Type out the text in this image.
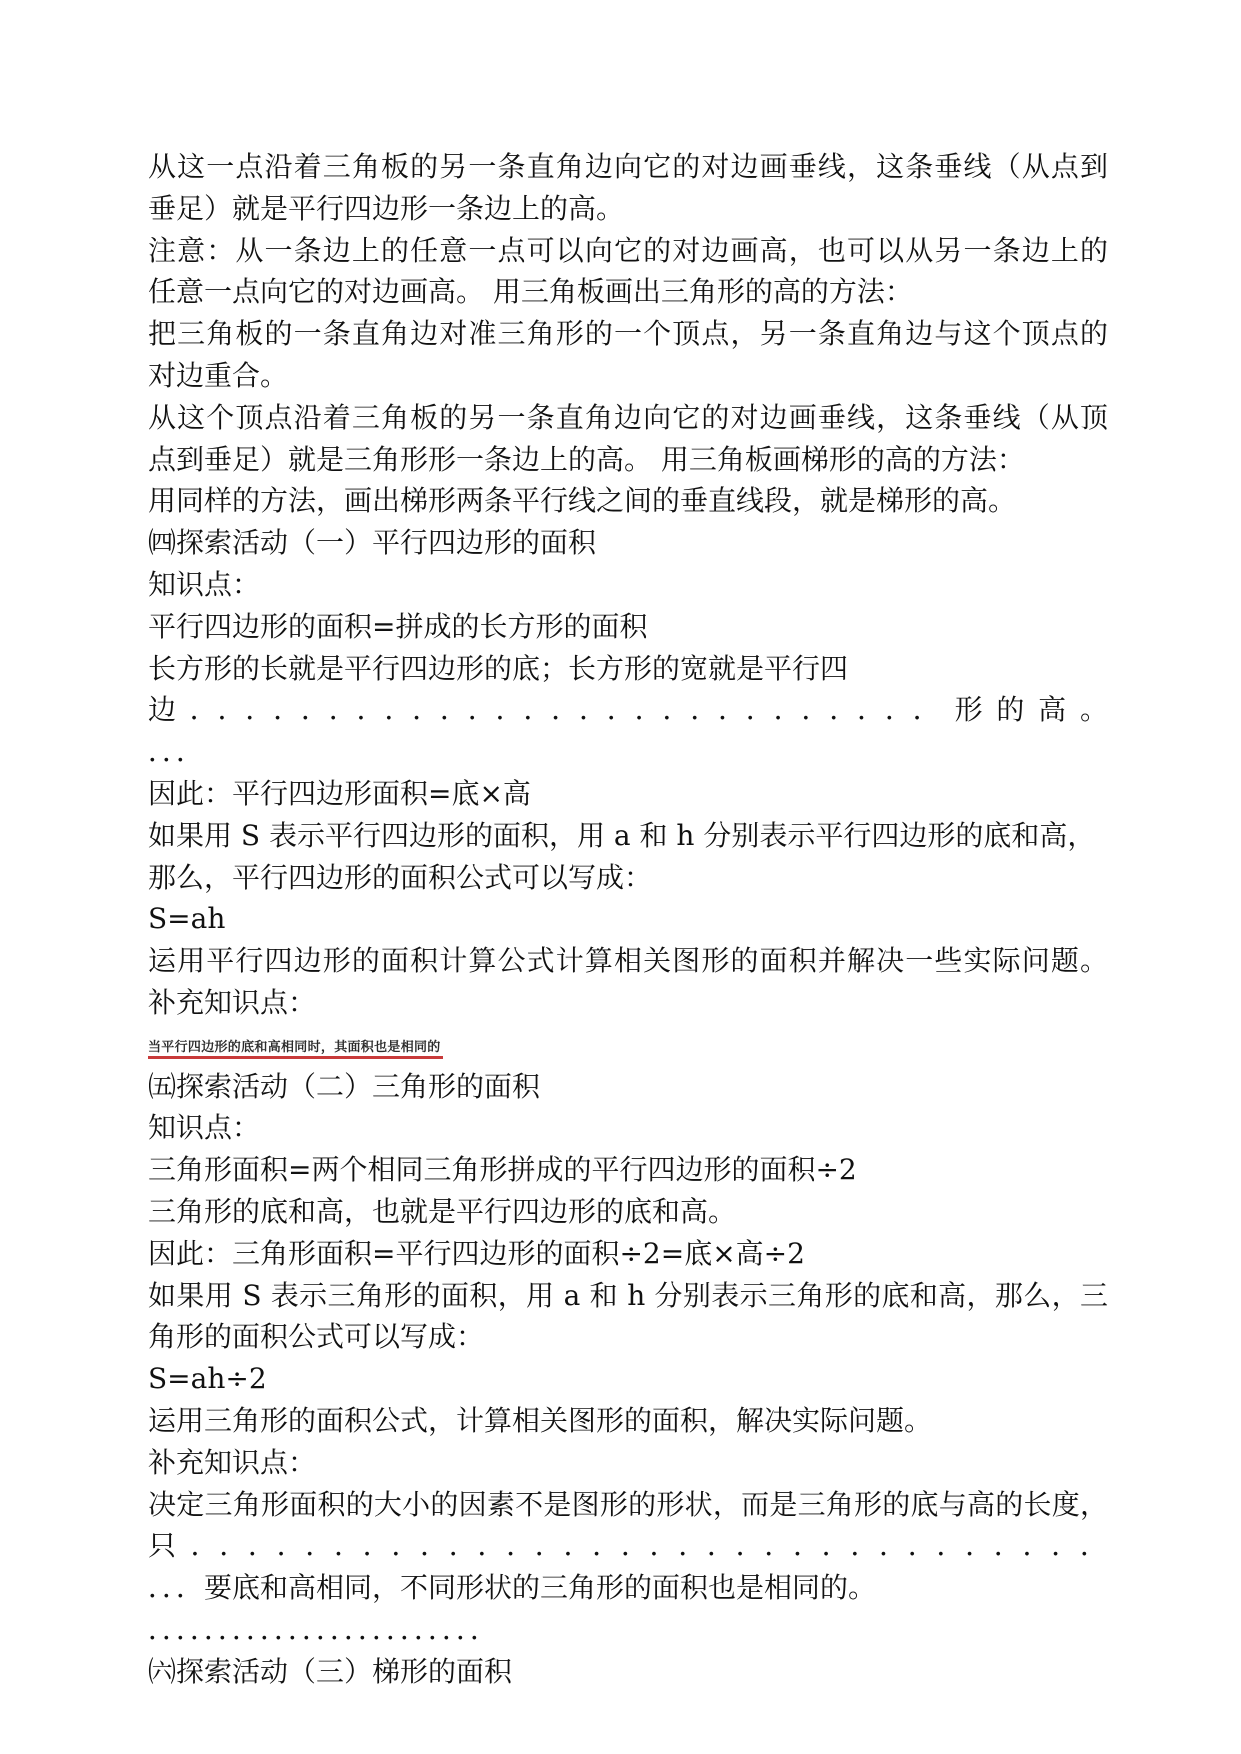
从这一点沿着三角板的另一条直角边向它的对边画垂线，这条垂线（从点到
垂足）就是平行四边形一条边上的高。
注意：从一条边上的任意一点可以向它的对边画高，也可以从另一条边上的
任意一点向它的对边画高。 用三角板画出三角形的高的方法：
把三角板的一条直角边对准三角形的一个顶点，另一条直角边与这个顶点的
对边重合。
从这个顶点沿着三角板的另一条直角边向它的对边画垂线，这条垂线（从顶
点到垂足）就是三角形形一条边上的高。 用三角板画梯形的高的方法：
用同样的方法，画出梯形两条平行线之间的垂直线段，就是梯形的高。
㈣探索活动（一）平行四边形的面积
知识点：
平行四边形的面积=拼成的长方形的面积
长方形的长就是平行四边形的底；长方形的宽就是平行四
边．．．．．．．．．．．．．．．．．．．．．．．．．．．形的高。
．．．
因此：平行四边形面积=底×高
如果用 S 表示平行四边形的面积，用 a 和 h 分别表示平行四边形的底和高，
那么，平行四边形的面积公式可以写成：
S=ah
运用平行四边形的面积计算公式计算相关图形的面积并解决一些实际问题。
补充知识点：
当平行四边形的底和高相同时，其面积也是相同的
㈤探索活动（二）三角形的面积
知识点：
三角形面积=两个相同三角形拼成的平行四边形的面积÷2
三角形的底和高，也就是平行四边形的底和高。
因此：三角形面积=平行四边形的面积÷2=底×高÷2
如果用 S 表示三角形的面积，用 a 和 h 分别表示三角形的底和高，那么，三
角形的面积公式可以写成：
S=ah÷2
运用三角形的面积公式，计算相关图形的面积，解决实际问题。
补充知识点：
决定三角形面积的大小的因素不是图形的形状，而是三角形的底与高的长度，
只．．．．．．．．．．．．．．．．．．．．．．．．．．．．．．．．
．．．要底和高相同，不同形状的三角形的面积也是相同的。
．．．．．．．．．．．．．．．．．．．．．．．．
㈥探索活动（三）梯形的面积
